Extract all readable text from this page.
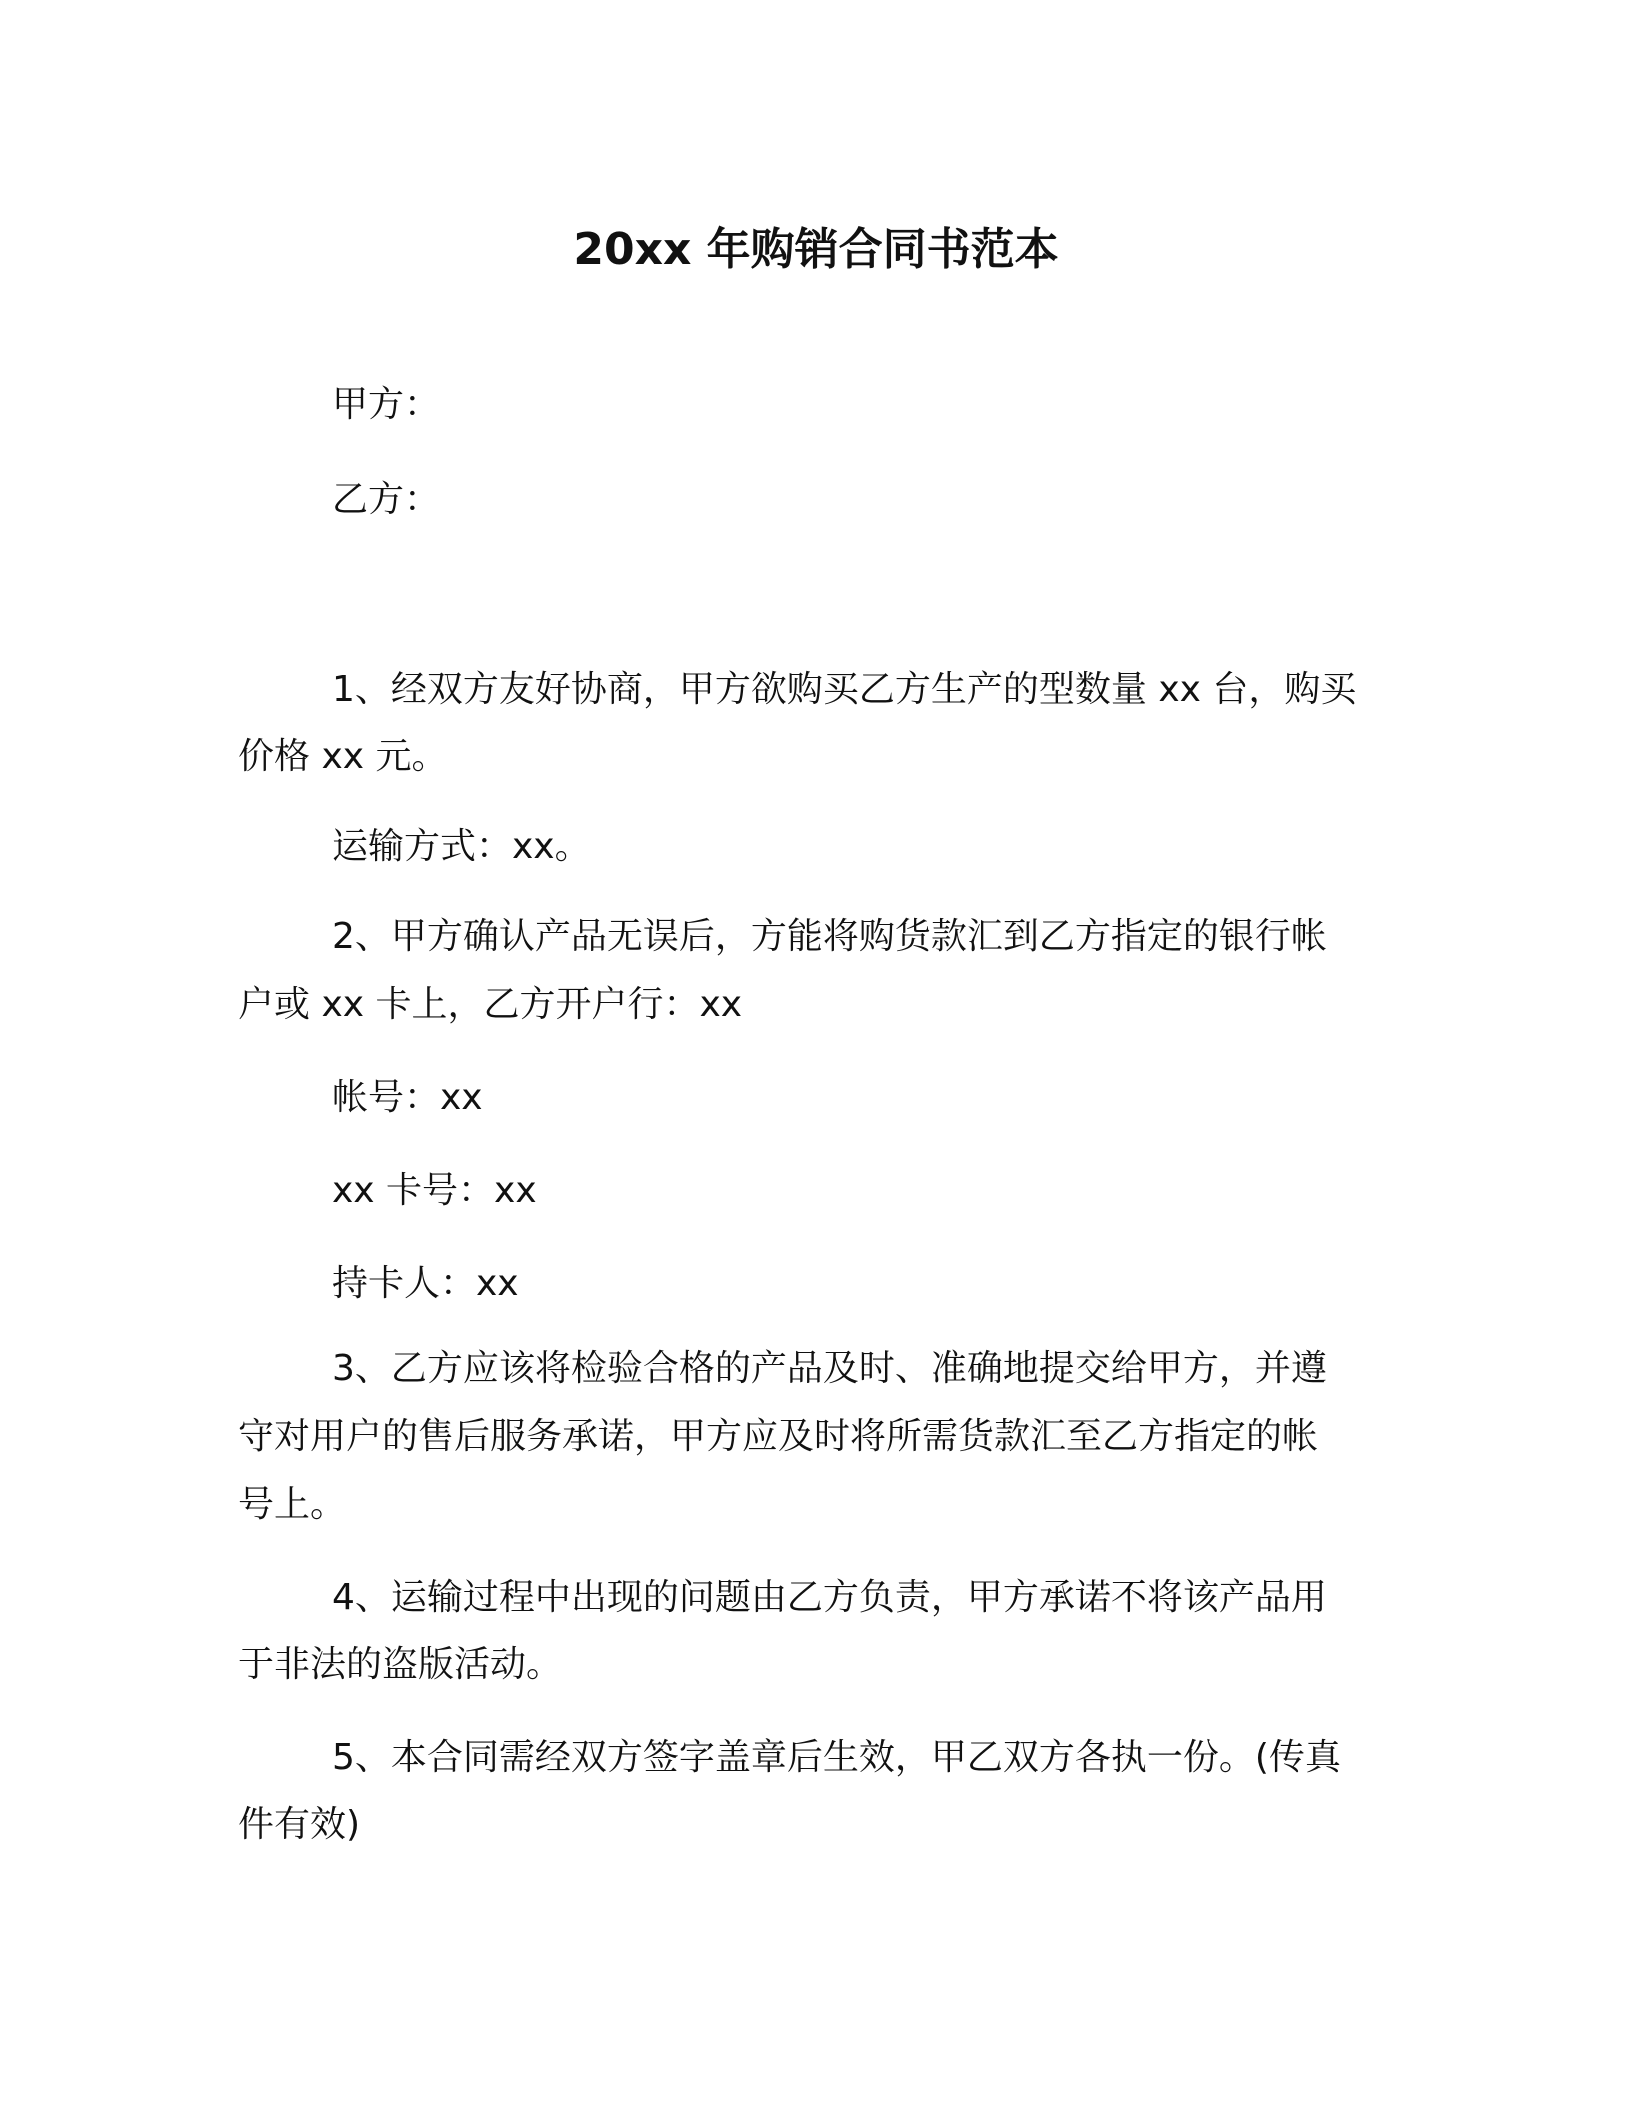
20xx 年购销合同书范本

甲方：

乙方：

1、经双方友好协商，甲方欲购买乙方生产的型数量 xx 台，购买

价格 xx 元。

运输方式：xx。

2、甲方确认产品无误后，方能将购货款汇到乙方指定的银行帐

户或 xx 卡上，乙方开户行：xx

帐号：xx

xx 卡号：xx

持卡人：xx

3、乙方应该将检验合格的产品及时、准确地提交给甲方，并遵

守对用户的售后服务承诺，甲方应及时将所需货款汇至乙方指定的帐

号上。

4、运输过程中出现的问题由乙方负责，甲方承诺不将该产品用

于非法的盗版活动。

5、本合同需经双方签字盖章后生效，甲乙双方各执一份。(传真

件有效)
